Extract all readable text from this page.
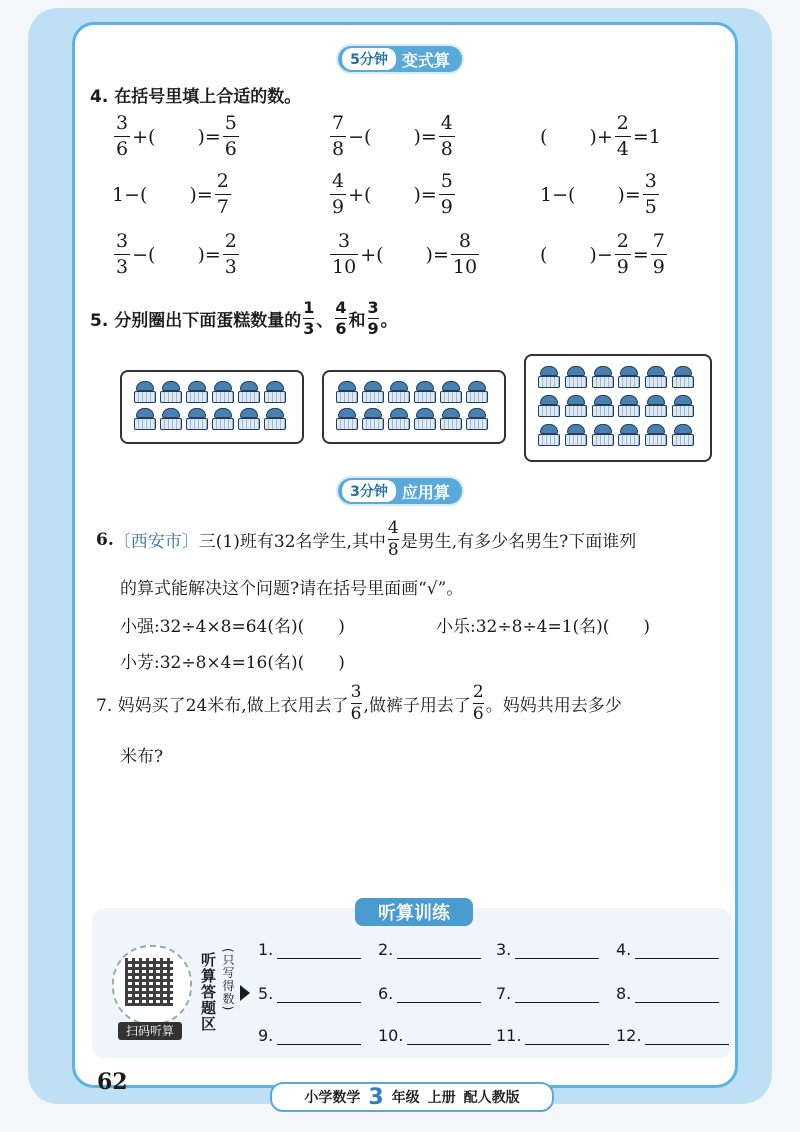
5分钟 变式算
4. 在括号里填上合适的数。
$\frac{3}{6}$ +( )= $\frac{5}{6}$	$\frac{7}{8}$ −( )= $\frac{4}{8}$	( )+ $\frac{2}{4} =1$
1−( )= $\frac{2}{7}$	$\frac{4}{9}$ +( )= $\frac{5}{9}$	1−( )= $\frac{3}{5}$
$\frac{3}{3}$ −( )= $\frac{2}{3}$	$\frac{3}{10}$ +( )= $\frac{8}{10}$	( )− $\frac{2}{9} = \frac{7}{9}$
5. 分别圈出下面蛋糕数量的 $\frac{1}{3}$ 、 $\frac{4}{6}$ 和 $\frac{3}{9}$ 。
3分钟 应用算
6. 〔西安市〕 三(1)班有32名学生,其中 $\frac{4}{8}$ 是男生,有多少名男生?下面谁列
的算式能解决这个问题?请在括号里面画“√”。
小强:32÷4×8=64(名)(　　)	小乐:32÷8÷4=1(名)(　　)
小芳:32÷8×4=16(名)(　　)
7. 妈妈买了24米布,做上衣用去了 $\frac{3}{6}$ ,做裤子用去了 $\frac{2}{6}$ 。妈妈共用去多少
米布?
听算训练
扫码听算	听算答题区 (只写得数) 1.	2.	3.	4.
5.	6.	7.	8.
9.	10.	11.	12.
62
小学数学 3 年级 上册 配人教版
